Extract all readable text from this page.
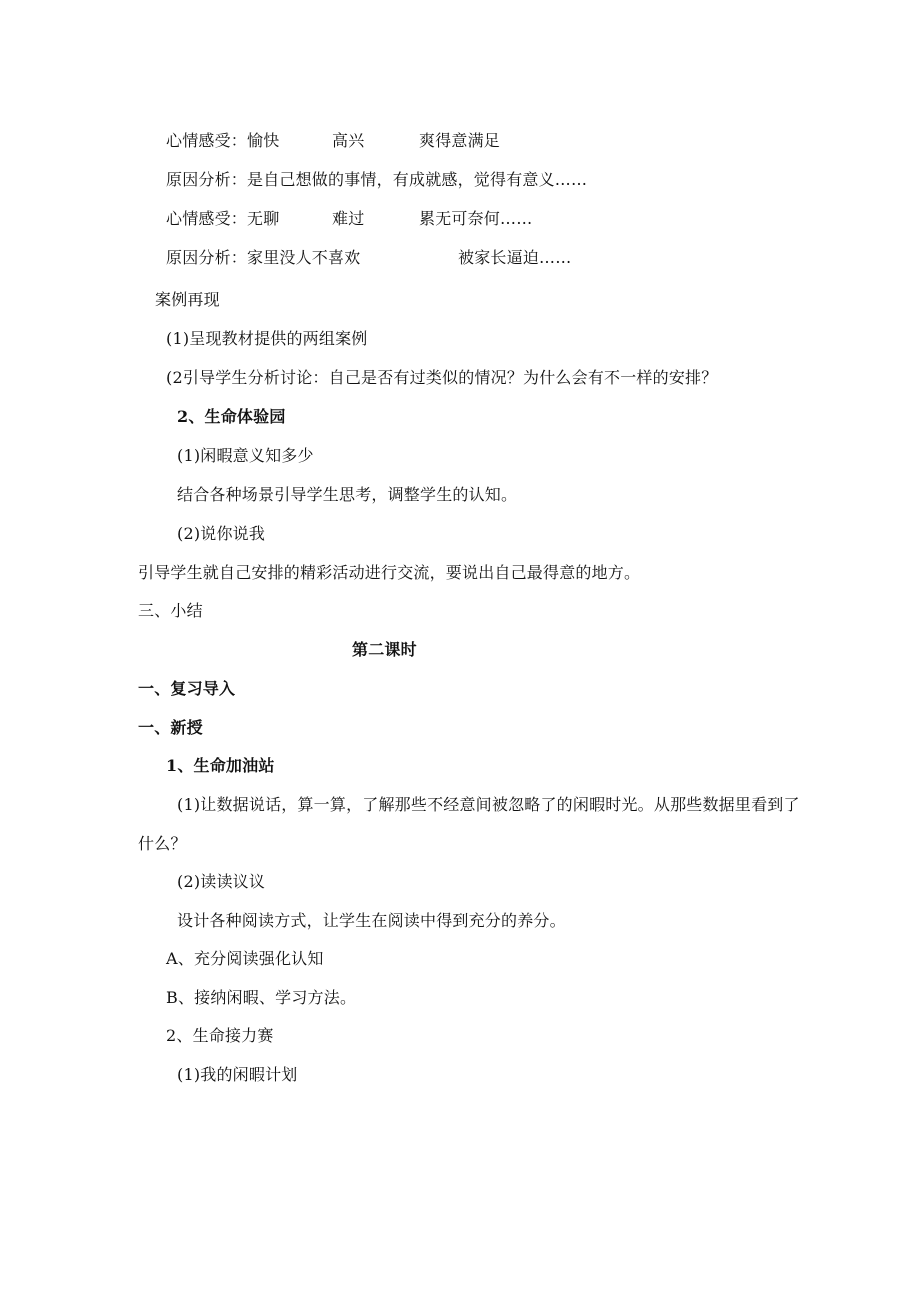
心情感受：愉快	高兴	爽得意满足
原因分析：是自己想做的事情，有成就感，觉得有意义……
心情感受：无聊	难过	累无可奈何……
原因分析：家里没人不喜欢	被家长逼迫……
案例再现
(1)呈现教材提供的两组案例
(2引导学生分析讨论：自己是否有过类似的情况？为什么会有不一样的安排？
2、生命体验园
(1)闲暇意义知多少
结合各种场景引导学生思考，调整学生的认知。
(2)说你说我
引导学生就自己安排的精彩活动进行交流，要说出自己最得意的地方。
三、小结
第二课时
一、复习导入
一、新授
1、生命加油站
(1)让数据说话，算一算，了解那些不经意间被忽略了的闲暇时光。从那些数据里看到了
什么？
(2)读读议议
设计各种阅读方式，让学生在阅读中得到充分的养分。
A、充分阅读强化认知
B、接纳闲暇、学习方法。
2、生命接力赛
(1)我的闲暇计划
